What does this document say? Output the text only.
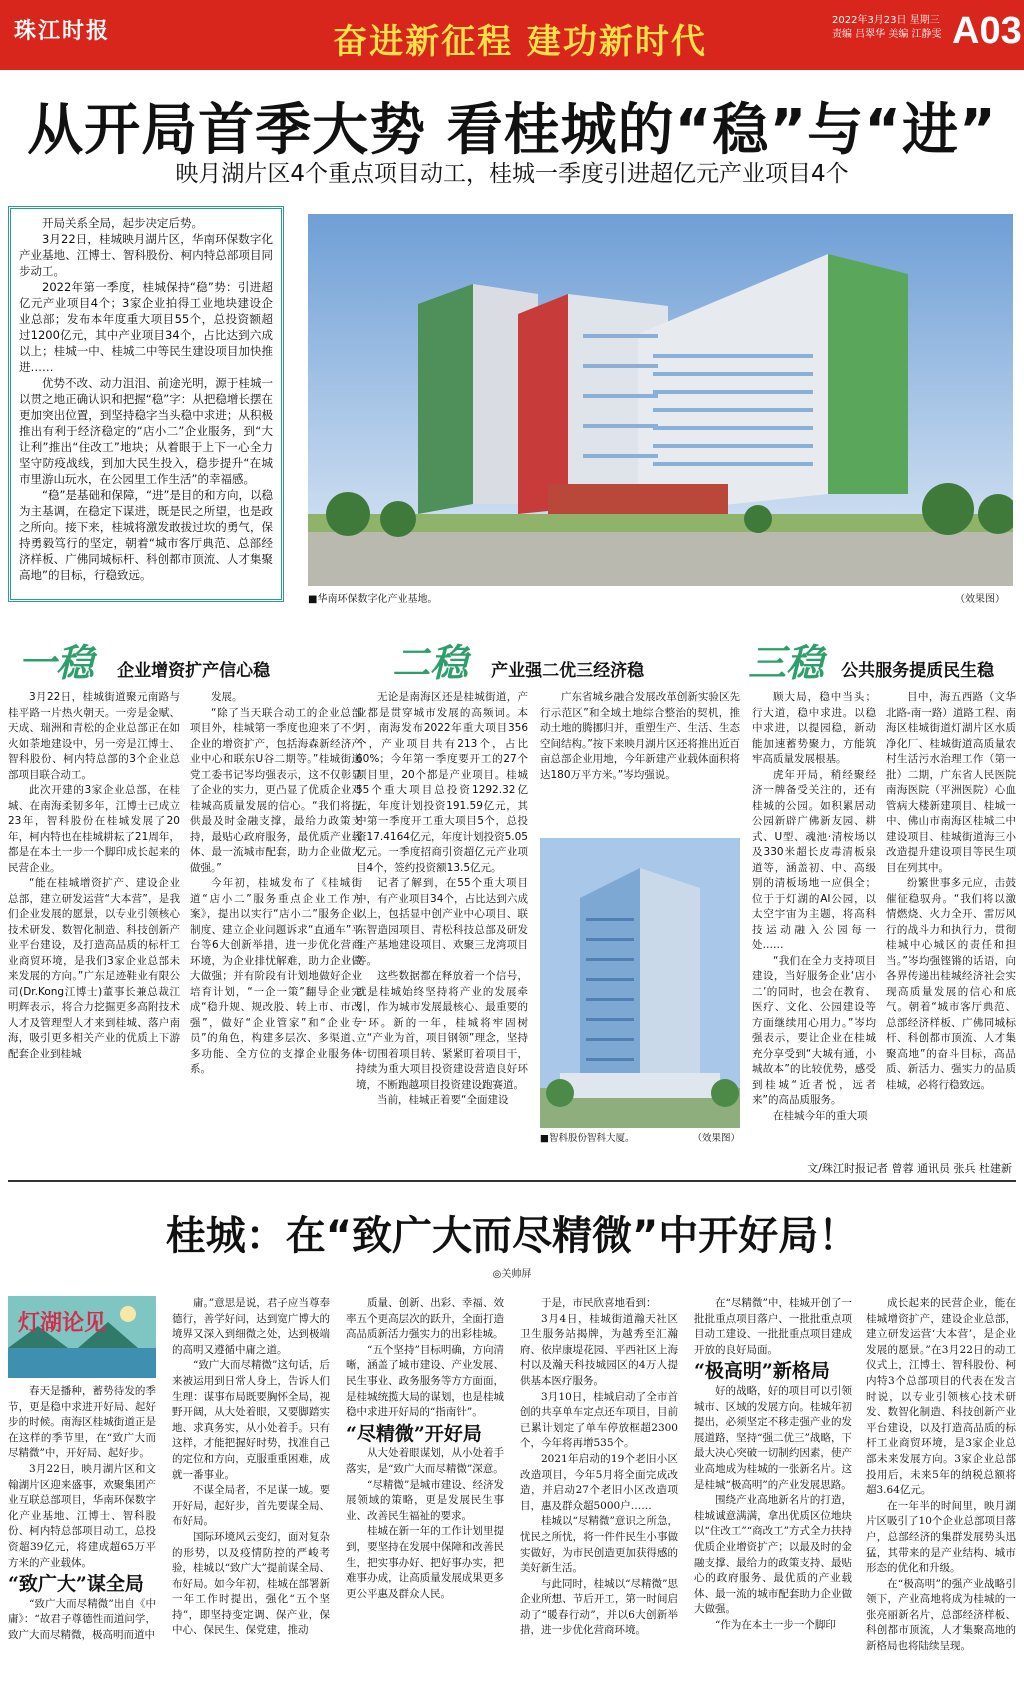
珠江时报	奋进新征程 建功新时代
2022年3月23日 星期三
责编 吕翠华 美编 江静雯 A03
从开局首季大势 看桂城的“稳”与“进”
映月湖片区4个重点项目动工，桂城一季度引进超亿元产业项目4个

开局关系全局，起步决定后势。

3月22日，桂城映月湖片区，华南环保数字化产业基地、江博士、智科股份、柯内特总部项目同步动工。

2022年第一季度，桂城保持“稳”势：引进超亿元产业项目4个；3家企业拍得工业地块建设企业总部；发布本年度重大项目55个，总投资额超过1200亿元，其中产业项目34个，占比达到六成以上；桂城一中、桂城二中等民生建设项目加快推进……

优势不改、动力沮泪、前途光明，源于桂城一以贯之地正确认识和把握“稳”字：从把稳增长摆在更加突出位置，到坚持稳字当头稳中求进；从积极推出有利于经济稳定的“店小二”企业服务，到“大让利”推出“住改工”地块；从着眼于上下一心全力坚守防疫战线，到加大民生投入，稳步提升“在城市里游山玩水，在公园里工作生活”的幸福感。

“稳”是基础和保障，“进”是目的和方向，以稳为主基调，在稳定下谋进，既是民之所望，也是政之所向。接下来，桂城将激发敢拔过坎的勇气，保持勇毅笃行的坚定，朝着“城市客厅典范、总部经济样板、广佛同城标杆、科创都市顶流、人才集聚高地”的目标，行稳致远。

■华南环保数字化产业基地。	（效果图）
一稳 企业增资扩产信心稳	二稳 产业强二优三经济稳	三稳 公共服务提质民生稳

3月22日，桂城街道聚元南路与桂平路一片热火朝天。一旁是金赋、天成、瑞洲和青松的企业总部正在如火如荼地建设中，另一旁是江博士、智科股份、柯内特总部的3个企业总部项目联合动工。

此次开建的3家企业总部，在桂城、在南海柔韧多年，江博士已成立23年，智科股份在桂城发展了20年，柯内特也在桂城耕耘了21周年，都是在本土一步一个脚印成长起来的民营企业。

“能在桂城增资扩产、建设企业总部，建立研发运营“大本营”，是我们企业发展的愿景，以专业引领核心技术研发、数智化制造、科技创新产业平台建设，及打造高品质的标杆工业商贸环境，是我们3家企业总部未来发展的方向。”广东足迹鞋业有限公司(Dr.Kong江博士)董事长兼总裁江明辉表示，将合力挖掘更多高附技术人才及管理型人才来到桂城、落户南海，吸引更多相关产业的优质上下游配套企业到桂城

发展。

“除了当天联合动工的企业总部项目外，桂城第一季度也迎来了不少企业的增资扩产，包括海森新经济产业中心和联东U谷二期等。”桂城街道党工委书记岑均强表示，这不仅彰显了企业的实力，更凸显了优质企业对桂城高质量发展的信心。“我们将提供最及时金融支撑，最给力政策支持，最贴心政府服务，最优质产业载体、最一流城市配套，助力企业做大做强。”

今年初，桂城发布了《桂城街道“店小二”服务重点企业工作方案》，提出以实行“店小二”服务企业制度、建立企业问题诉求“直通车”平台等6大创新举措，进一步优化营商环境，为企业排忧解难，助力企业做大做强；并有阶段有计划地做好企业培育计划，“一企一策”翻导企业完成“稳升规、规改股、转上市、市改强”，做好“企业管家”和“企业专员”的角色，构建多层次、多渠道、多功能、全方位的支撑企业服务体系。

无论是南海区还是桂城街道，产业都是贯穿城市发展的高频词。本月，南海发布2022年重大项目356个，产业项目共有213个，占比60%；今年第一季度要开工的27个项目里，20个都是产业项目。桂城55个重大项目总投资1292.32亿元，年度计划投资191.59亿元，其中第一季度开工重大项目5个，总投资17.4164亿元，年度计划投资5.05亿元。一季度招商引资超亿元产业项目4个，签约投资额13.5亿元。

记者了解到，在55个重大项目中，有产业项目34个，占比达到六成以上，包括显中创产业中心项目、联东智造园项目、青松科技总部及研发生产基地建设项目、欢聚三龙湾项目等。

这些数据都在释放着一个信号，就是桂城始终坚持将产业的发展牵引，作为城市发展最核心、最重要的一环。新的一年，桂城将牢固树立“产业为首，项目钢领”理念，坚持一切围着项目转、紧紧盯着项目干，持续为重大项目投资建设营造良好环境，不断跑越项目投资建设跑赛道。

当前，桂城正着要“全面建设

广东省城乡融合发展改革创新实验区先行示范区”和全域土地综合整治的契机，推动土地的腾挪归并，重塑生产、生活、生态空间结构。”按下来映月湖片区还将推出近百亩总部企业用地，今年新建产业载体面积将达180万平方米。”岑均强说。

■智科股份智科大厦。	（效果图）

顾大局，稳中当头；行大道，稳中求进。以稳中求进，以提园稳，新动能加速蓄势聚力，方能筑牢高质量发展根基。

虎年开局，稍经聚经济一牌备受关注的，还有桂城的公园。如积累居动公园新辟广佛新友园、耕式、U型、魂池·清桉场以及330米超长皮毒清板泉道等，涵盖初、中、高级别的清板场地一应俱全；位于于灯湖的AI公园，以太空宇宙为主题，将高科技运动融入公园每一处……

“我们在全力支持项目建设，当好服务企业‘店小二’的同时，也会在教育、医疗、文化、公园建设等方面继续用心用力。”岑均强表示，要让企业在桂城充分享受到“大城有通，小城故本”的比较优势，感受到桂城“近者悦，远者来”的高品质服务。

在桂城今年的重大项

目中，海五西路（文华北路-南一路）道路工程、南海区桂城街道灯湖片区水质净化厂、桂城街道高质量农村生活污水治理工作（第一批）二期，广东省人民医院南海医院（平洲医院）心血管病大楼新建项目、桂城一中、佛山市南海区桂城二中建设项目、桂城街道海三小改造提升建设项目等民生项目在列其中。

纷繁世事多元应，击鼓催征稳驭舟。“我们将以激情燃烧、火力全开、雷厉风行的战斗力和执行力，贯彻桂城中心城区的责任和担当。”岑均强铿锵的话语，向各界传递出桂城经济社会实现高质量发展的信心和底气。朝着“城市客厅典范、总部经济样板、广佛同城标杆、科创都市顶流、人才集聚高地”的奋斗目标，高品质、新活力、强实力的品质桂城，必将行稳致远。

文/珠江时报记者 曾蓉 通讯员 张兵 杜建新
桂城：在“致广大而尽精微”中开好局！
◎关帅屏
灯湖论见

春天是播种，蓄势待发的季节，更是稳中求进开好局、起好步的时候。南海区桂城街道正是在这样的季节里，在“致广大而尽精微”中，开好局、起好步。

3月22日，映月湖片区和文翰湖片区迎来盛事，欢聚集团产业互联总部项目，华南环保数字化产业基地、江博士、智科股份、柯内特总部项目动工，总投资超39亿元，将建成超65万平方米的产业载体。

“致广大”谋全局

“致广大而尽精微”出自《中庸》：“故君子尊德性而道问学，致广大而尽精微，极高明而道中

庸。”意思是说，君子应当尊奉德行，善学好问，达到宽广博大的境界又深入到细微之处，达到极端的高明又遵循中庸之道。

“致广大而尽精微”这句话，后来被运用到日常人身上，告诉人们生理：谋事布局既要胸怀全局，视野开阔，从大处着眼，又要脚踏实地、求真务实，从小处着手。只有这样，才能把握好时势，找准自己的定位和方向，克服重重困难，成就一番事业。

不谋全局者，不足谋一域。要开好局，起好步，首先要谋全局、布好局。

国际环境风云变幻，面对复杂的形势，以及疫情防控的严峻考验，桂城以“致广大”提前谋全局、布好局。如今年初，桂城在部署新一年工作时提出，强化“五个坚持”，即坚持变定调、保产业，保中心、保民生、保党建，推动

质量、创新、出彩、幸福、效率五个更高层次的跃升，全面打造高品质新活力强实力的出彩桂城。

“五个坚持”目标明确，方向清晰，涵盖了城市建设、产业发展、民生事业、政务服务等方方面面，是桂城统揽大局的谋划，也是桂城稳中求进开好局的“指南针”。

“尽精微”开好局

从大处着眼谋划，从小处着手落实，是“致广大而尽精微”深意。

“尽精微”是城市建设、经济发展领域的策略，更是发展民生事业、改善民生福祉的要求。

桂城在新一年的工作计划里提到，要坚持在发展中保障和改善民生，把实事办好、把好事办实，把难事办成，让高质量发展成果更多更公平惠及群众人民。

于是，市民欣喜地看到：

3月4日，桂城街道瀚天社区卫生服务站揭牌，为越秀至汇瀚府、依岸康堤花园、平西社区上海村以及瀚天科技城园区的4万人提供基本医疗服务。

3月10日，桂城启动了全市首创的共享单车定点还车项目，目前已累计划定了单车停放框超2300个，今年将再增535个。

2021年启动的19个老旧小区改造项目，今年5月将全面完成改造，并启动27个老旧小区改造项目，惠及群众超5000户……

桂城以“尽精微”意识之所急，忧民之所忧，将一件件民生小事做实做好，为市民创造更加获得感的美好新生活。

与此同时，桂城以“尽精微”思企业所想、节后开工，第一时间启动了“暖春行动”，并以6大创新举措，进一步优化营商环境。

在“尽精微”中，桂城开创了一批批重点项目落户、一批批重点项目动工建设、一批批重点项目建成开放的良好局面。

“极高明”新格局

好的战略，好的项目可以引领城市、区域的发展方向。桂城年初提出，必须坚定不移走强产业的发展道路，坚持“强二优三”战略，下最大决心突破一切制约因素，使产业高地成为桂城的一张新名片。这是桂城“极高明”的产业发展思路。

围绕产业高地新名片的打造，桂城诚意满满，拿出优质区位地块以“住改工”“商改工”方式全力扶持优质企业增资扩产；以最及时的金融支撑、最给力的政策支持、最贴心的政府服务、最优质的产业载体、最一流的城市配套助力企业做大做强。

“作为在本土一步一个脚印

成长起来的民营企业，能在桂城增资扩产，建设企业总部，建立研发运营‘大本营’，是企业发展的愿景。”在3月22日的动工仪式上，江博士、智科股份、柯内特3个总部项目的代表在发言时说，以专业引领核心技术研发、数智化制造、科技创新产业平台建设，以及打造高品质的标杆工业商贸环境，是3家企业总部未来发展方向。3家企业总部投用后，未来5年的纳税总额将超3.64亿元。

在一年半的时间里，映月湖片区吸引了10个企业总部项目落户，总部经济的集群发展势头迅猛，其带来的是产业结构、城市形态的优化和升级。

在“极高明”的强产业战略引领下，产业高地将成为桂城的一张亮丽新名片，总部经济样板、科创都市顶流，人才集聚高地的新格局也将陆续呈现。
